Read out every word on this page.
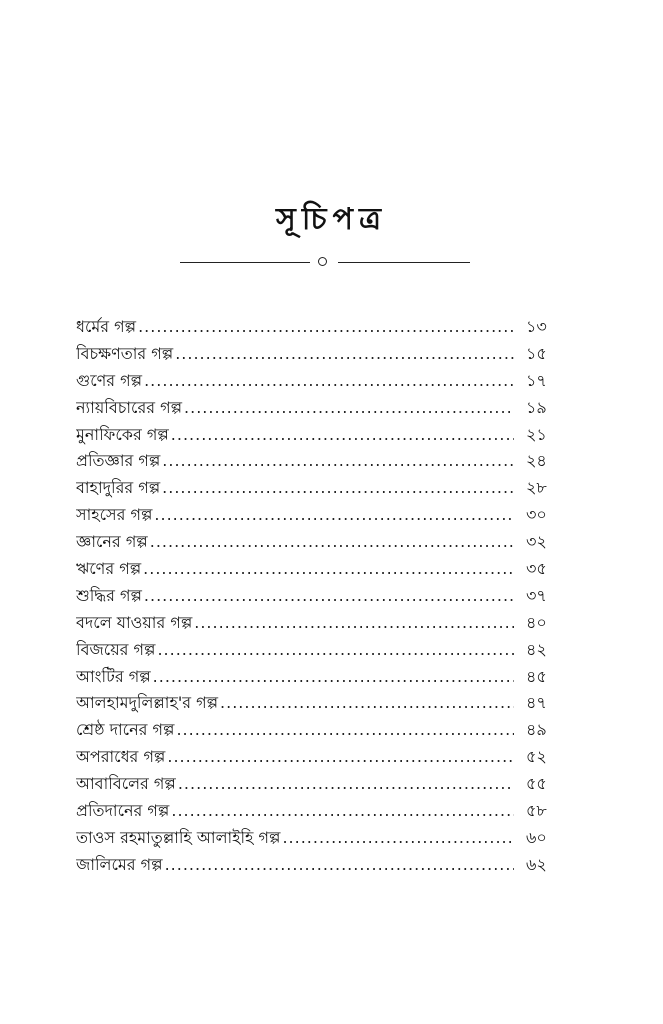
সূচিপত্র
ধর্মের গল্প .....	১৩
বিচক্ষণতার গল্প .....	১৫
গুণের গল্প .....	১৭
ন্যায়বিচারের গল্প .....	১৯
মুনাফিকের গল্প .....	২১
প্রতিজ্ঞার গল্প .....	২৪
বাহাদুরির গল্প .....	২৮
সাহসের গল্প .....	৩০
জ্ঞানের গল্প .....	৩২
ঋণের গল্প .....	৩৫
শুদ্ধির গল্প .....	৩৭
বদলে যাওয়ার গল্প .....	৪০
বিজয়ের গল্প .....	৪২
আংটির গল্প .....	৪৫
আলহামদুলিল্লাহ'র গল্প .....	৪৭
শ্রেষ্ঠ দানের গল্প .....	৪৯
অপরাধের গল্প .....	৫২
আবাবিলের গল্প .....	৫৫
প্রতিদানের গল্প .....	৫৮
তাওস রহমাতুল্লাহি আলাইহি গল্প .....	৬০
জালিমের গল্প .....	৬২
